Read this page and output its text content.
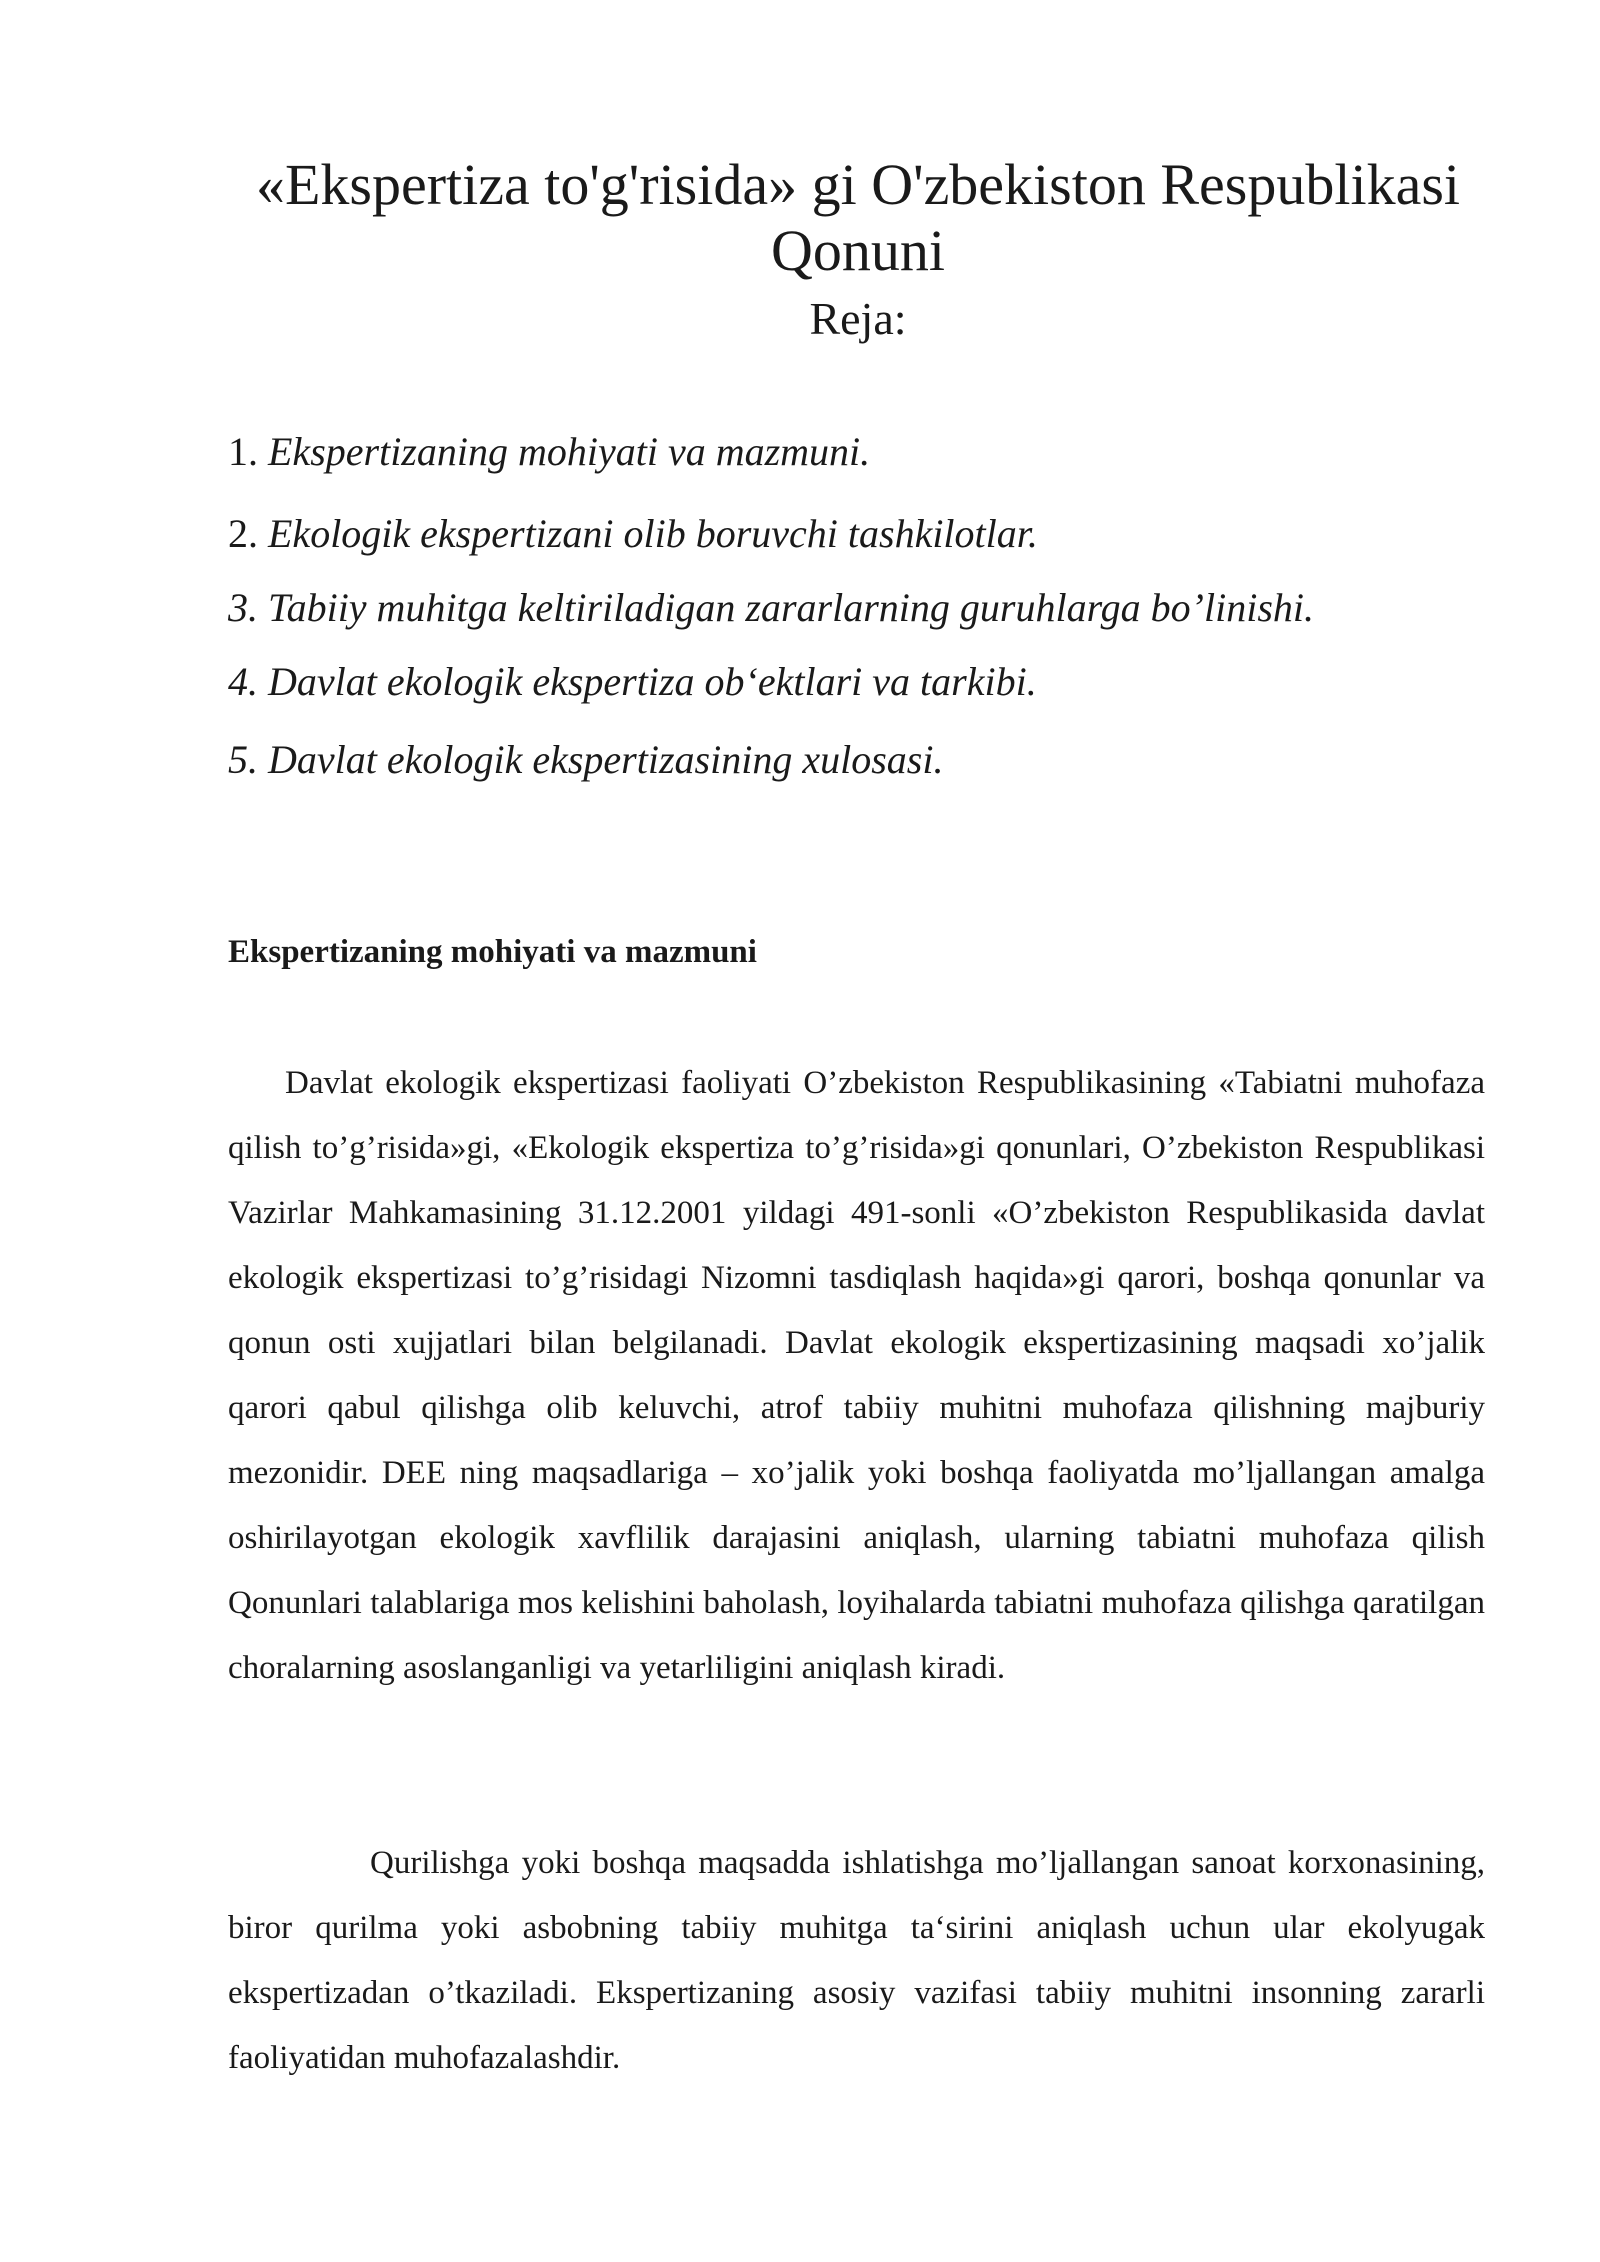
«Ekspertiza to'g'risida» gi O'zbekiston Respublikasi Qonuni
Reja:
1. Ekspertizaning mohiyati va mazmuni.
2. Ekologik ekspertizani olib boruvchi tashkilotlar.
3. Tabiiy muhitga keltiriladigan zararlarning guruhlarga bo’linishi.
4. Davlat ekologik ekspertiza ob‘ektlari va tarkibi.
5. Davlat ekologik ekspertizasining xulosasi.
Ekspertizaning mohiyati va mazmuni

Davlat ekologik ekspertizasi faoliyati O’zbekiston Respublikasining «Tabiatni muhofaza qilish to’g’risida»gi, «Ekologik ekspertiza to’g’risida»gi qonunlari, O’zbekiston Respublikasi Vazirlar Mahkamasining 31.12.2001 yildagi 491-sonli «O’zbekiston Respublikasida davlat ekologik ekspertizasi to’g’risidagi Nizomni tasdiqlash haqida»gi qarori, boshqa qonunlar va qonun osti xujjatlari bilan belgilanadi. Davlat ekologik ekspertizasining maqsadi xo’jalik qarori qabul qilishga olib keluvchi, atrof tabiiy muhitni muhofaza qilishning majburiy mezonidir. DEE ning maqsadlariga – xo’jalik yoki boshqa faoliyatda mo’ljallangan amalga oshirilayotgan ekologik xavflilik darajasini aniqlash, ularning tabiatni muhofaza qilish Qonunlari talablariga mos kelishini baholash, loyihalarda tabiatni muhofaza qilishga qaratilgan choralarning asoslanganligi va yetarliligini aniqlash kiradi.

Qurilishga yoki boshqa maqsadda ishlatishga mo’ljallangan sanoat korxonasining, biror qurilma yoki asbobning tabiiy muhitga ta‘sirini aniqlash uchun ular ekolyugak ekspertizadan o’tkaziladi. Ekspertizaning asosiy vazifasi tabiiy muhitni insonning zararli faoliyatidan muhofazalashdir.
